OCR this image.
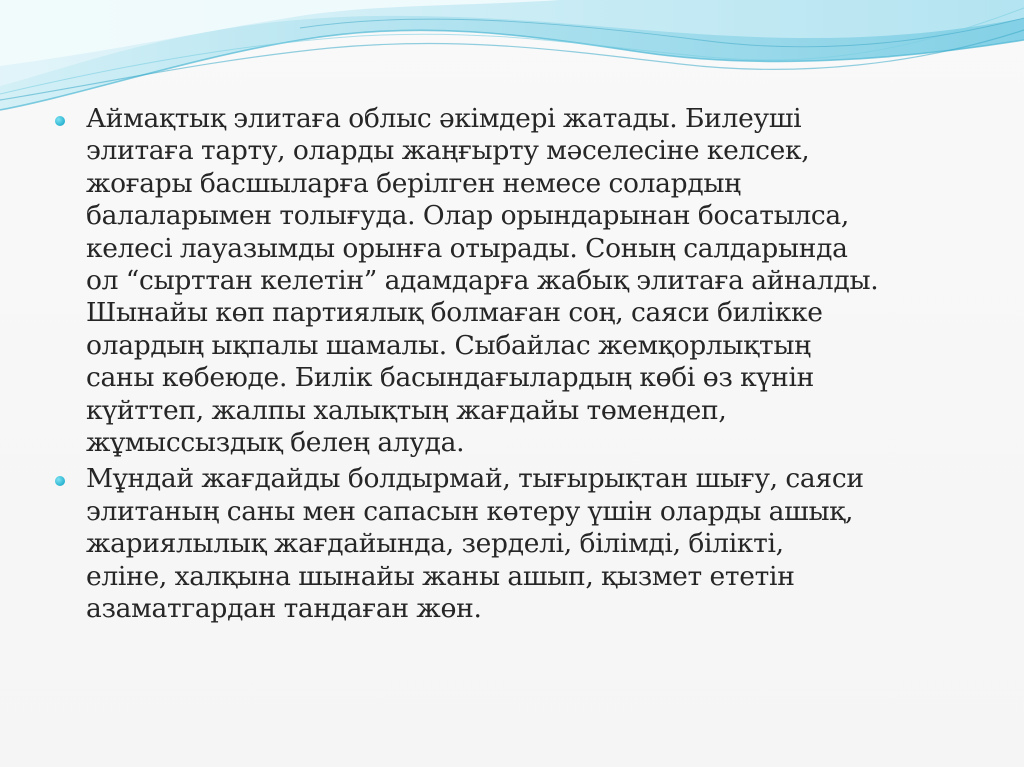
Аймақтық элитаға облыс әкімдері жатады. Билеуші
элитаға тарту, оларды жаңғырту мәселесіне келсек,
жоғары басшыларға берілген немесе солардың
балаларымен толығуда. Олар орындарынан босатылса,
келесі лауазымды орынға отырады. Соның салдарында
ол “сырттан келетін” адамдарға жабық элитаға айналды.
Шынайы көп партиялық болмаған соң, саяси билікке
олардың ықпалы шамалы. Сыбайлас жемқорлықтың
саны көбеюде. Билік басындағылардың көбі өз күнін
күйттеп, жалпы халықтың жағдайы төмендеп,
жұмыссыздық белең алуда.
Мұндай жағдайды болдырмай, тығырықтан шығу, саяси
элитаның саны мен сапасын көтеру үшін оларды ашық,
жариялылық жағдайында, зерделі, білімді, білікті,
еліне, халқына шынайы жаны ашып, қызмет ететін
азаматгардан тандаған жөн.
